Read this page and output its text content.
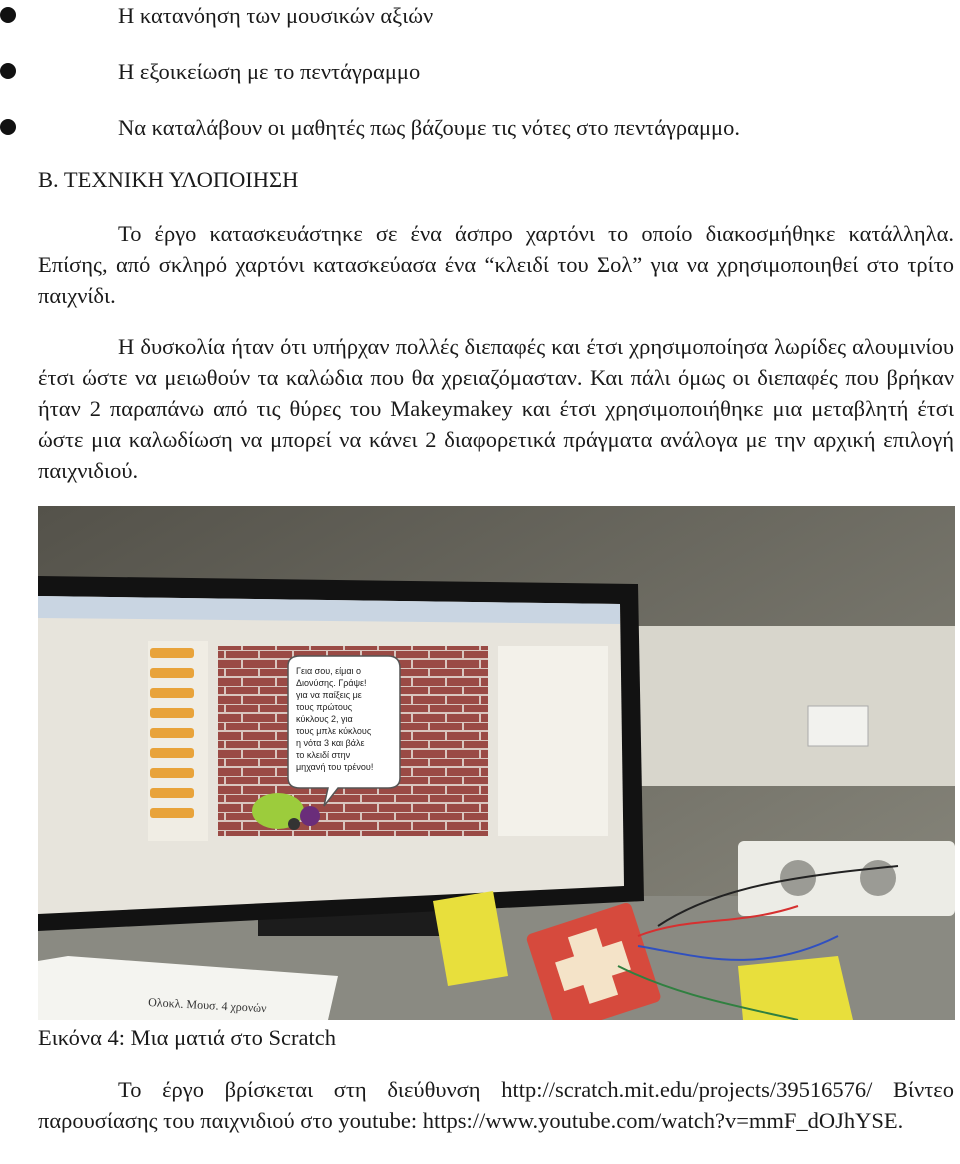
Η κατανόηση των μουσικών αξιών
Η εξοικείωση με το πεντάγραμμο
Να καταλάβουν οι μαθητές πως βάζουμε τις νότες στο πεντάγραμμο.
Β. ΤΕΧΝΙΚΗ ΥΛΟΠΟΙΗΣΗ
Το έργο κατασκευάστηκε σε ένα άσπρο χαρτόνι το οποίο διακοσμήθηκε κατάλληλα. Επίσης, από σκληρό χαρτόνι κατασκεύασα ένα “κλειδί του Σολ” για να χρησιμοποιηθεί στο τρίτο παιχνίδι.
Η δυσκολία ήταν ότι υπήρχαν πολλές διεπαφές και έτσι χρησιμοποίησα λωρίδες αλουμινίου έτσι ώστε να μειωθούν τα καλώδια που θα χρειαζόμασταν. Και πάλι όμως οι διεπαφές που βρήκαν ήταν 2 παραπάνω από τις θύρες του Makeymakey και έτσι χρησιμοποιήθηκε μια μεταβλητή έτσι ώστε μια καλωδίωση να μπορεί να κάνει 2 διαφορετικά πράγματα ανάλογα με την αρχική επιλογή παιχνιδιού.
Γεια σου, είμαι ο
Διονύσης. Γράψε!
για να παίξεις με
τους πρώτους
κύκλους 2, για
τους μπλε κύκλους
η νότα 3 και βάλε
το κλειδί στην
μηχανή του τρένου!
Ολοκλ. Μουσ. 4 χρονών
Εικόνα 4: Μια ματιά στο Scratch
Το έργο βρίσκεται στη διεύθυνση http://scratch.mit.edu/projects/39516576/ Βίντεο παρουσίασης του παιχνιδιού στο youtube: https://www.youtube.com/watch?v=mmF_dOJhYSE.
